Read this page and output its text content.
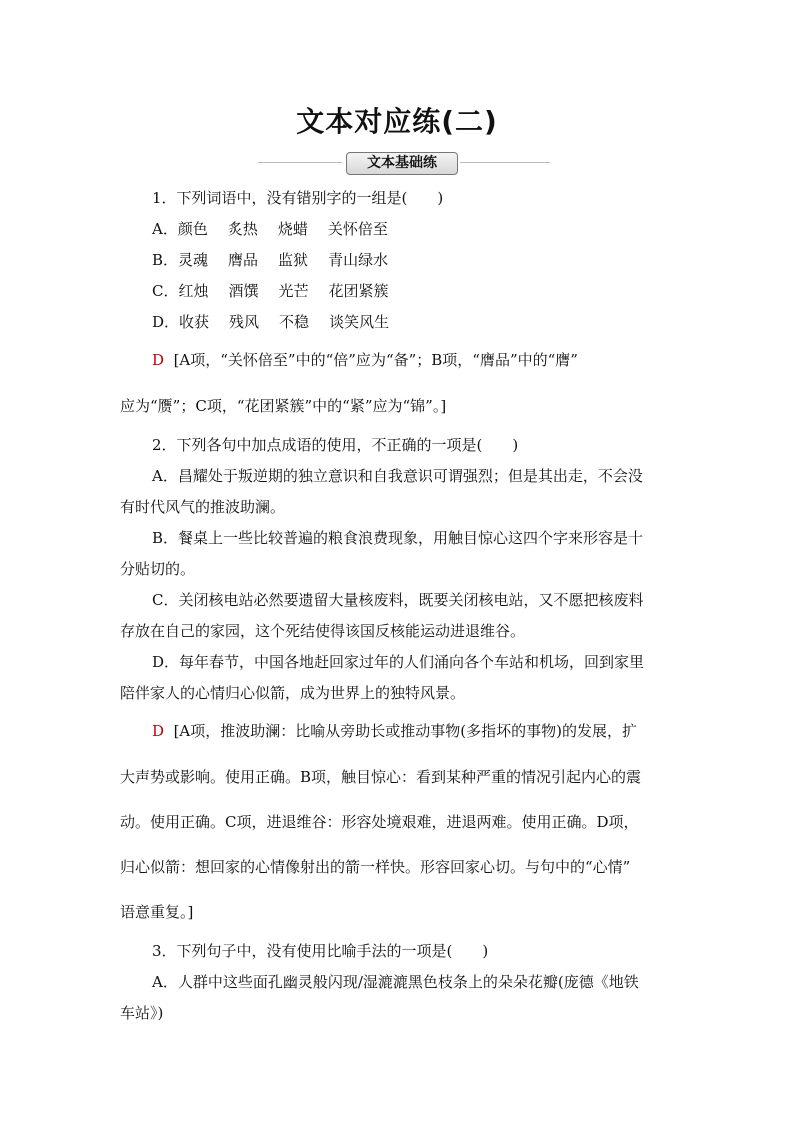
文本对应练(二)
文本基础练
1．下列词语中，没有错别字的一组是(　　)
A．颜色 炙热 烧蜡 关怀倍至
B．灵魂 膺品 监狱 青山绿水
C．红烛 酒馔 光芒 花团紧簇
D．收获 残风 不稳 谈笑风生
D [A项，“关怀倍至”中的“倍”应为“备”；B项，“膺品”中的“膺”
应为“赝”；C项，“花团紧簇”中的“紧”应为“锦”。]
2．下列各句中加点成语的使用，不正确的一项是(　　)
A．昌耀处于叛逆期的独立意识和自我意识可谓强烈；但是其出走，不会没
有时代风气的推波助澜。
B．餐桌上一些比较普遍的粮食浪费现象，用触目惊心这四个字来形容是十
分贴切的。
C．关闭核电站必然要遗留大量核废料，既要关闭核电站，又不愿把核废料
存放在自己的家园，这个死结使得该国反核能运动进退维谷。
D．每年春节，中国各地赶回家过年的人们涌向各个车站和机场，回到家里
陪伴家人的心情归心似箭，成为世界上的独特风景。
D [A项，推波助澜：比喻从旁助长或推动事物(多指坏的事物)的发展，扩
大声势或影响。使用正确。B项，触目惊心：看到某种严重的情况引起内心的震
动。使用正确。C项，进退维谷：形容处境艰难，进退两难。使用正确。D项，
归心似箭：想回家的心情像射出的箭一样快。形容回家心切。与句中的“心情”
语意重复。]
3．下列句子中，没有使用比喻手法的一项是(　　)
A．人群中这些面孔幽灵般闪现/湿漉漉黑色枝条上的朵朵花瓣(庞德《地铁
车站》)
